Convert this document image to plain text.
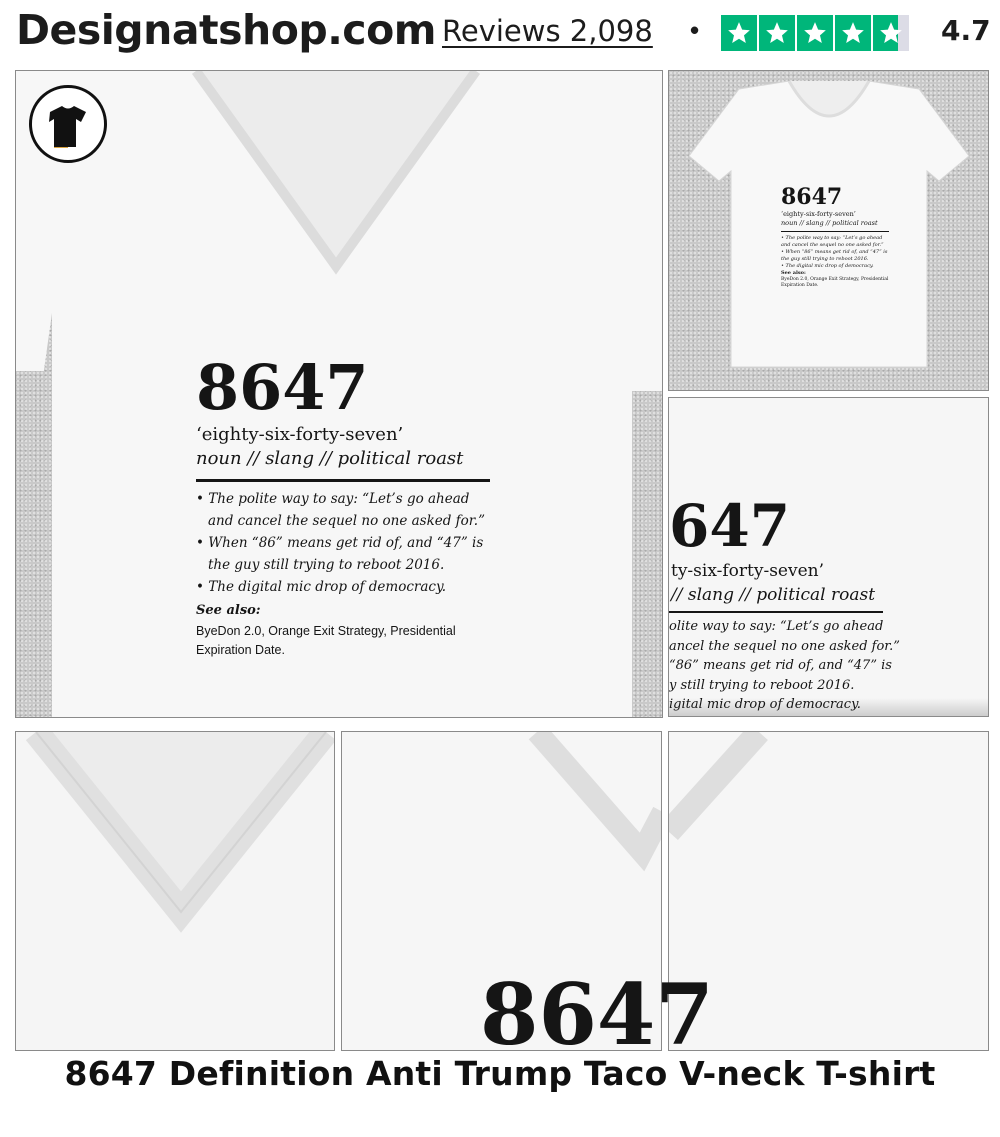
Designatshop.com Reviews 2,098 •	4.7
8647
‘eighty-six-forty-seven’
noun // slang // political roast
• The polite way to say: “Let’s go ahead
and cancel the sequel no one asked for.”
• When “86” means get rid of, and “47” is
the guy still trying to reboot 2016.
• The digital mic drop of democracy.
See also:
ByeDon 2.0, Orange Exit Strategy, Presidential
Expiration Date.
8647
‘eighty-six-forty-seven’
noun // slang // political roast
• The polite way to say: “Let’s go ahead
and cancel the sequel no one asked for.”
• When “86” means get rid of, and “47” is
the guy still trying to reboot 2016.
• The digital mic drop of democracy.
See also:
ByeDon 2.0, Orange Exit Strategy, Presidential
Expiration Date.
647
ty-six-forty-seven’
// slang // political roast
olite way to say: “Let’s go ahead
ancel the sequel no one asked for.”
“86” means get rid of, and “47” is
y still trying to reboot 2016.
igital mic drop of democracy.
8647
8647 Definition Anti Trump Taco V-neck T-shirt
